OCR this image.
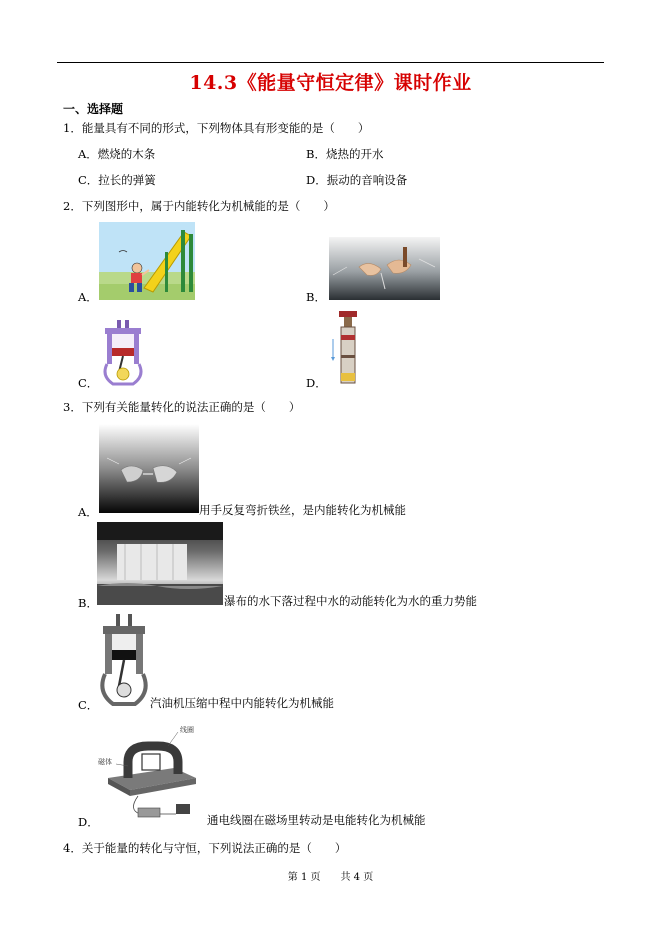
14.3《能量守恒定律》课时作业
一、选择题
1．能量具有不同的形式，下列物体具有形变能的是（　　）
A．燃烧的木条	B．烧热的开水
C．拉长的弹簧	D．振动的音响设备
2．下列图形中，属于内能转化为机械能的是（　　）
A．	B．
C．	D．
3．下列有关能量转化的说法正确的是（　　）
A．	用手反复弯折铁丝，是内能转化为机械能
B．	瀑布的水下落过程中水的动能转化为水的重力势能
C．	汽油机压缩中程中内能转化为机械能
线圈
磁体
D．	通电线圈在磁场里转动是电能转化为机械能
4．关于能量的转化与守恒，下列说法正确的是（　　）
第 1 页　　共 4 页
